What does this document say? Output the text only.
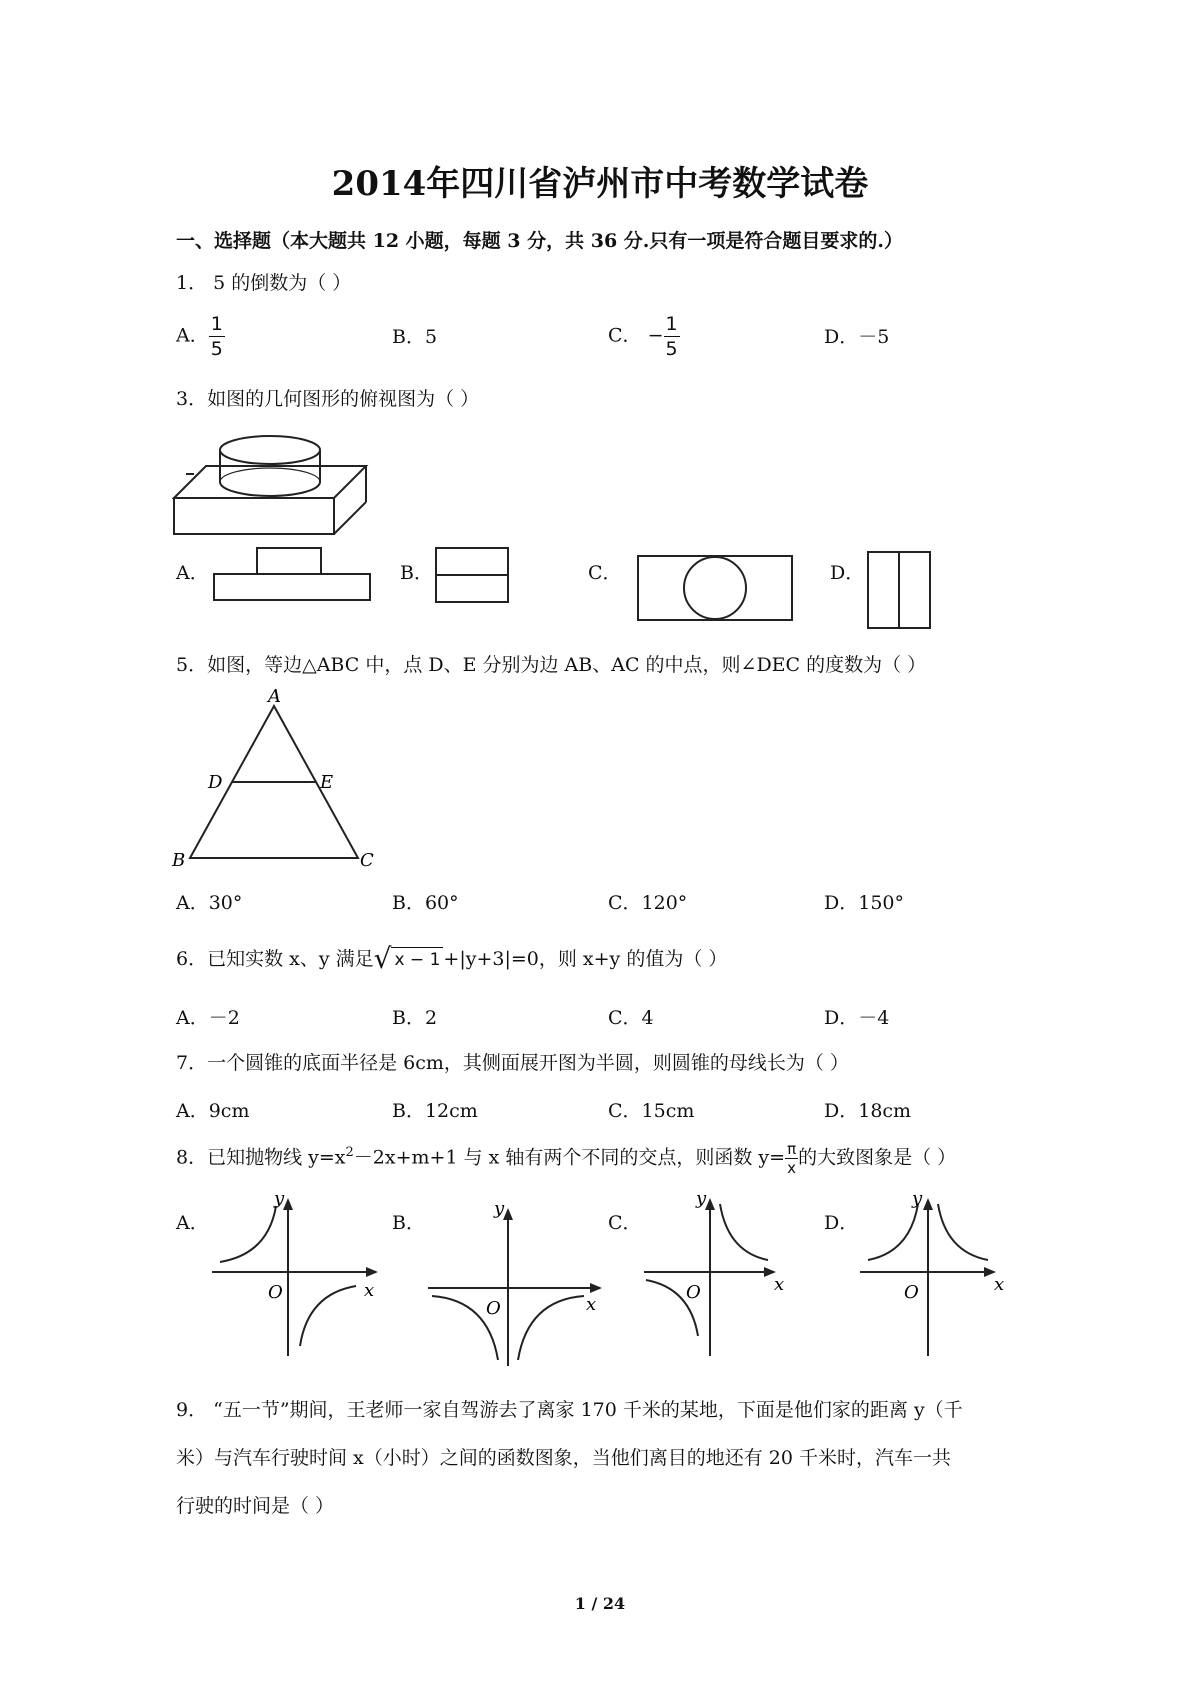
2014年四川省泸州市中考数学试卷
一、选择题（本大题共 12 小题，每题 3 分，共 36 分.只有一项是符合题目要求的.）
1． 5 的倒数为（ ）
A． $\frac{1}{5}$	B．5	C． − $\frac{1}{5}$	D．－5
3．如图的几何图形的俯视图为（ ）
A．	B．	C．	D．
5．如图，等边△ABC 中，点 D、E 分别为边 AB、AC 的中点，则∠DEC 的度数为（ ）
A
D	E
B	C
A．30°	B．60°	C．120°	D．150°
6．已知实数 x、y 满足√ x − 1 +|y+3|=0，则 x+y 的值为（ ）
A．－2	B．2	C．4	D．－4
7．一个圆锥的底面半径是 6cm，其侧面展开图为半圆，则圆锥的母线长为（ ）
A．9cm	B．12cm	C．15cm	D．18cm
8．已知抛物线 $y=x^2-2x+m+1$ 与 x 轴有两个不同的交点，则函数 $y= \frac{\pi}{x}$ 的大致图象是（ ）
A．	B．	C．	D．
y
x
O
y
x
O
y
x
O
y
x
O
9． “五一节”期间，王老师一家自驾游去了离家 170 千米的某地，下面是他们家的距离 y（千
米）与汽车行驶时间 x（小时）之间的函数图象，当他们离目的地还有 20 千米时，汽车一共
行驶的时间是（ ）
1 / 24
